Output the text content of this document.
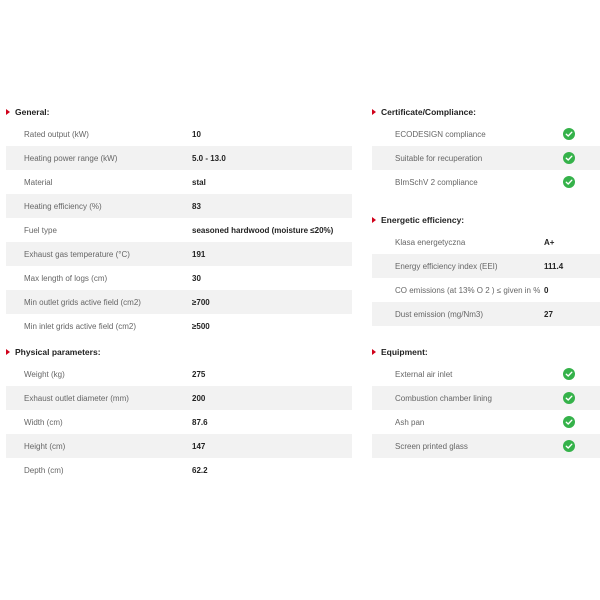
General:
Rated output (kW)	10
Heating power range (kW)	5.0 - 13.0
Material	stal
Heating efficiency (%)	83
Fuel type	seasoned hardwood (moisture ≤20%)
Exhaust gas temperature (°C)	191
Max length of logs (cm)	30
Min outlet grids active field (cm2)	≥700
Min inlet grids active field (cm2)	≥500
Physical parameters:
Weight (kg)	275
Exhaust outlet diameter (mm)	200
Width (cm)	87.6
Height (cm)	147
Depth (cm)	62.2
Certificate/Compliance:
ECODESIGN compliance
Suitable for recuperation
BImSchV 2 compliance
Energetic efficiency:
Klasa energetyczna	A+
Energy efficiency index (EEI)	111.4
CO emissions (at 13% O 2 ) ≤ given in % 0
Dust emission (mg/Nm3)	27
Equipment:
External air inlet
Combustion chamber lining
Ash pan
Screen printed glass
